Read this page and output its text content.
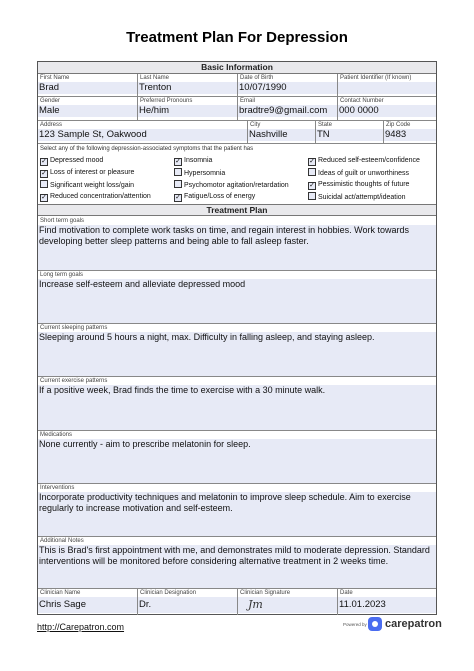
Treatment Plan For Depression
Basic Information
First Name
Brad
Last Name
Trenton
Date of Birth
10/07/1990
Patient Identifier (If known)
Gender
Male
Preferred Pronouns
He/him
Email
bradtre9@gmail.com
Contact Number
000 0000
Address
123 Sample St, Oakwood
City
Nashville
State
TN
Zip Code
9483
Select any of the following depression-associated symptoms that the patient has
✓ Depressed mood	✓ Insomnia	✓ Reduced self-esteem/confidence
✓ Loss of interest or pleasure	Hypersomnia	Ideas of guilt or unworthiness
Significant weight loss/gain	Psychomotor agitation/retardation	✓ Pessimistic thoughts of future
✓ Reduced concentration/attention	✓ Fatigue/Loss of energy	Suicidal act/attempt/ideation
Treatment Plan
Short term goals
Find motivation to complete work tasks on time, and regain interest in hobbies. Work towards developing better sleep patterns and being able to fall asleep faster.
Long term goals
Increase self-esteem and alleviate depressed mood
Current sleeping patterns
Sleeping around 5 hours a night, max. Difficulty in falling asleep, and staying asleep.
Current exercise patterns
If a positive week, Brad finds the time to exercise with a 30 minute walk.
Medications
None currently - aim to prescribe melatonin for sleep.
Interventions
Incorporate productivity techniques and melatonin to improve sleep schedule. Aim to exercise regularly to increase motivation and self-esteem.
Additional Notes
This is Brad's first appointment with me, and demonstrates mild to moderate depression. Standard interventions will be monitored before considering alternative treatment in 2 weeks time.
Clinician Name
Chris Sage
Clinician Designation
Dr.
Clinician Signature
Jm
Date
11.01.2023
http://Carepatron.com	Powered by carepatron
